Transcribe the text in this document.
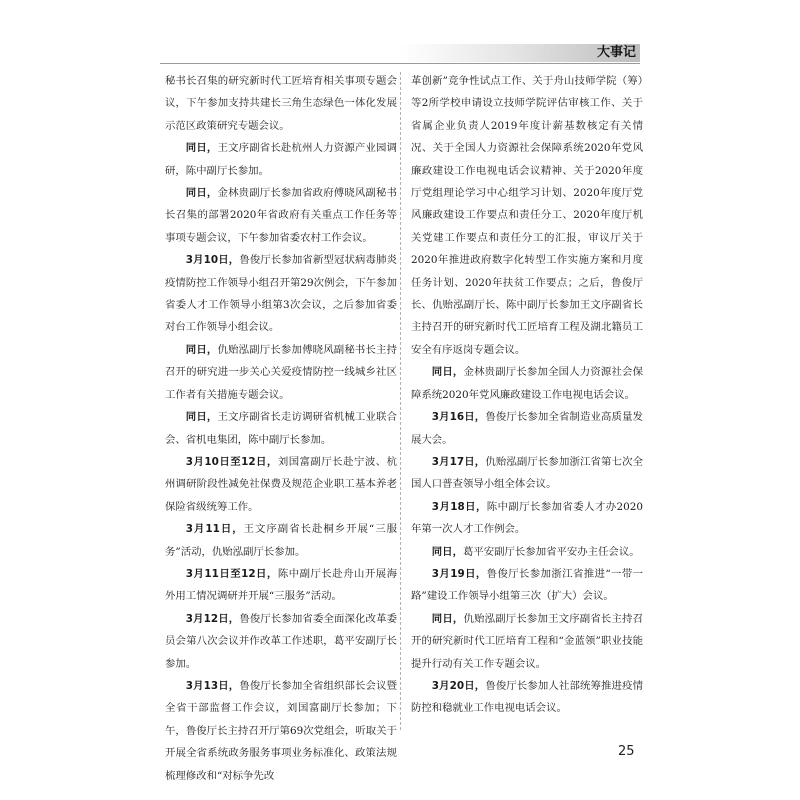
大事记

秘书长召集的研究新时代工匠培育相关事项专题会议，下午参加支持共建长三角生态绿色一体化发展示范区政策研究专题会议。

同日，王文序副省长赴杭州人力资源产业园调研，陈中副厅长参加。

同日，金林贵副厅长参加省政府傅晓风副秘书长召集的部署2020年省政府有关重点工作任务等事项专题会议，下午参加省委农村工作会议。

3月10日，鲁俊厅长参加省新型冠状病毒肺炎疫情防控工作领导小组召开第29次例会，下午参加省委人才工作领导小组第3次会议，之后参加省委对台工作领导小组会议。

同日，仇贻泓副厅长参加傅晓风副秘书长主持召开的研究进一步关心关爱疫情防控一线城乡社区工作者有关措施专题会议。

同日，王文序副省长走访调研省机械工业联合会、省机电集团，陈中副厅长参加。

3月10日至12日，刘国富副厅长赴宁波、杭州调研阶段性减免社保费及规范企业职工基本养老保险省级统筹工作。

3月11日，王文序副省长赴桐乡开展“三服务”活动，仇贻泓副厅长参加。

3月11日至12日，陈中副厅长赴舟山开展海外用工情况调研并开展“三服务”活动。

3月12日，鲁俊厅长参加省委全面深化改革委员会第八次会议并作改革工作述职，葛平安副厅长参加。

3月13日，鲁俊厅长参加全省组织部长会议暨全省干部监督工作会议，刘国富副厅长参加；下午，鲁俊厅长主持召开厅第69次党组会，听取关于开展全省系统政务服务事项业务标准化、政策法规梳理修改和“对标争先改

革创新”竞争性试点工作、关于舟山技师学院（筹）等2所学校申请设立技师学院评估审核工作、关于省属企业负责人2019年度计薪基数核定有关情况、关于全国人力资源社会保障系统2020年党风廉政建设工作电视电话会议精神、关于2020年度厅党组理论学习中心组学习计划、2020年度厅党风廉政建设工作要点和责任分工、2020年度厅机关党建工作要点和责任分工的汇报，审议厅关于2020年推进政府数字化转型工作实施方案和月度任务计划、2020年扶贫工作要点；之后，鲁俊厅长、仇贻泓副厅长、陈中副厅长参加王文序副省长主持召开的研究新时代工匠培育工程及湖北籍员工安全有序返岗专题会议。

同日，金林贵副厅长参加全国人力资源社会保障系统2020年党风廉政建设工作电视电话会议。

3月16日，鲁俊厅长参加全省制造业高质量发展大会。

3月17日，仇贻泓副厅长参加浙江省第七次全国人口普查领导小组全体会议。

3月18日，陈中副厅长参加省委人才办2020年第一次人才工作例会。

同日，葛平安副厅长参加省平安办主任会议。

3月19日，鲁俊厅长参加浙江省推进“一带一路”建设工作领导小组第三次（扩大）会议。

同日，仇贻泓副厅长参加王文序副省长主持召开的研究新时代工匠培育工程和“金蓝领”职业技能提升行动有关工作专题会议。

3月20日，鲁俊厅长参加人社部统筹推进疫情防控和稳就业工作电视电话会议。

25
